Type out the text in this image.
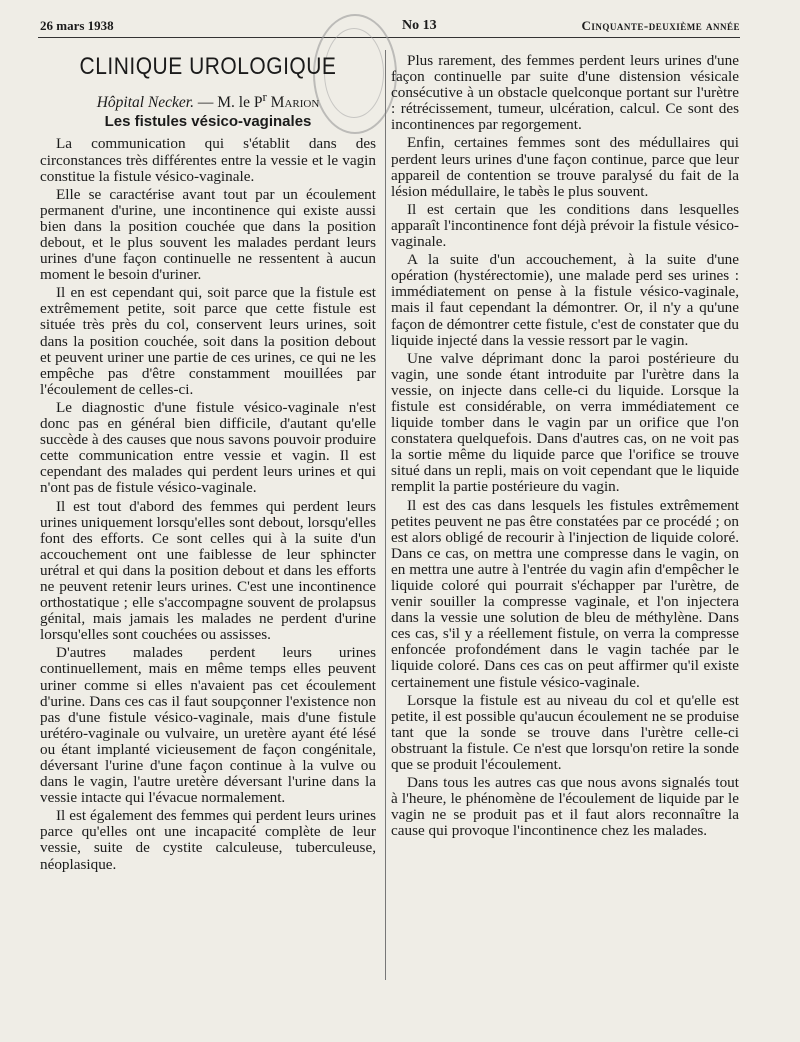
26 mars 1938	No 13	Cinquante-deuxième année
CLINIQUE UROLOGIQUE
Hôpital Necker. — M. le $P^r$ Marion
Les fistules vésico-vaginales

La communication qui s'établit dans des circonstances très différentes entre la vessie et le vagin constitue la fistule vésico-vaginale.

Elle se caractérise avant tout par un écoulement permanent d'urine, une incontinence qui existe aussi bien dans la position couchée que dans la position debout, et le plus souvent les malades perdant leurs urines d'une façon continuelle ne ressentent à aucun moment le besoin d'uriner.

Il en est cependant qui, soit parce que la fistule est extrêmement petite, soit parce que cette fistule est située très près du col, conservent leurs urines, soit dans la position couchée, soit dans la position debout et peuvent uriner une partie de ces urines, ce qui ne les empêche pas d'être constamment mouillées par l'écoulement de celles-ci.

Le diagnostic d'une fistule vésico-vaginale n'est donc pas en général bien difficile, d'autant qu'elle succède à des causes que nous savons pouvoir produire cette communication entre vessie et vagin. Il est cependant des malades qui perdent leurs urines et qui n'ont pas de fistule vésico-vaginale.

Il est tout d'abord des femmes qui perdent leurs urines uniquement lorsqu'elles sont debout, lorsqu'elles font des efforts. Ce sont celles qui à la suite d'un accouchement ont une faiblesse de leur sphincter urétral et qui dans la position debout et dans les efforts ne peuvent retenir leurs urines. C'est une incontinence orthostatique ; elle s'accompagne souvent de prolapsus génital, mais jamais les malades ne perdent d'urine lorsqu'elles sont couchées ou assisses.

D'autres malades perdent leurs urines continuellement, mais en même temps elles peuvent uriner comme si elles n'avaient pas cet écoulement d'urine. Dans ces cas il faut soupçonner l'existence non pas d'une fistule vésico-vaginale, mais d'une fistule urétéro-vaginale ou vulvaire, un uretère ayant été lésé ou étant implanté vicieusement de façon congénitale, déversant l'urine d'une façon continue à la vulve ou dans le vagin, l'autre uretère déversant l'urine dans la vessie intacte qui l'évacue normalement.

Il est également des femmes qui perdent leurs urines parce qu'elles ont une incapacité complète de leur vessie, suite de cystite calculeuse, tuberculeuse, néoplasique.

Plus rarement, des femmes perdent leurs urines d'une façon continuelle par suite d'une distension vésicale consécutive à un obstacle quelconque portant sur l'urètre : rétrécissement, tumeur, ulcération, calcul. Ce sont des incontinences par regorgement.

Enfin, certaines femmes sont des médullaires qui perdent leurs urines d'une façon continue, parce que leur appareil de contention se trouve paralysé du fait de la lésion médullaire, le tabès le plus souvent.

Il est certain que les conditions dans lesquelles apparaît l'incontinence font déjà prévoir la fistule vésico-vaginale.

A la suite d'un accouchement, à la suite d'une opération (hystérectomie), une malade perd ses urines : immédiatement on pense à la fistule vésico-vaginale, mais il faut cependant la démontrer. Or, il n'y a qu'une façon de démontrer cette fistule, c'est de constater que du liquide injecté dans la vessie ressort par le vagin.

Une valve déprimant donc la paroi postérieure du vagin, une sonde étant introduite par l'urètre dans la vessie, on injecte dans celle-ci du liquide. Lorsque la fistule est considérable, on verra immédiatement ce liquide tomber dans le vagin par un orifice que l'on constatera quelquefois. Dans d'autres cas, on ne voit pas la sortie même du liquide parce que l'orifice se trouve situé dans un repli, mais on voit cependant que le liquide remplit la partie postérieure du vagin.

Il est des cas dans lesquels les fistules extrêmement petites peuvent ne pas être constatées par ce procédé ; on est alors obligé de recourir à l'injection de liquide coloré. Dans ce cas, on mettra une compresse dans le vagin, on en mettra une autre à l'entrée du vagin afin d'empêcher le liquide coloré qui pourrait s'échapper par l'urètre, de venir souiller la compresse vaginale, et l'on injectera dans la vessie une solution de bleu de méthylène. Dans ces cas, s'il y a réellement fistule, on verra la compresse enfoncée profondément dans le vagin tachée par le liquide coloré. Dans ces cas on peut affirmer qu'il existe certainement une fistule vésico-vaginale.

Lorsque la fistule est au niveau du col et qu'elle est petite, il est possible qu'aucun écoulement ne se produise tant que la sonde se trouve dans l'urètre celle-ci obstruant la fistule. Ce n'est que lorsqu'on retire la sonde que se produit l'écoulement.

Dans tous les autres cas que nous avons signalés tout à l'heure, le phénomène de l'écoulement de liquide par le vagin ne se produit pas et il faut alors reconnaître la cause qui provoque l'incontinence chez les malades.
